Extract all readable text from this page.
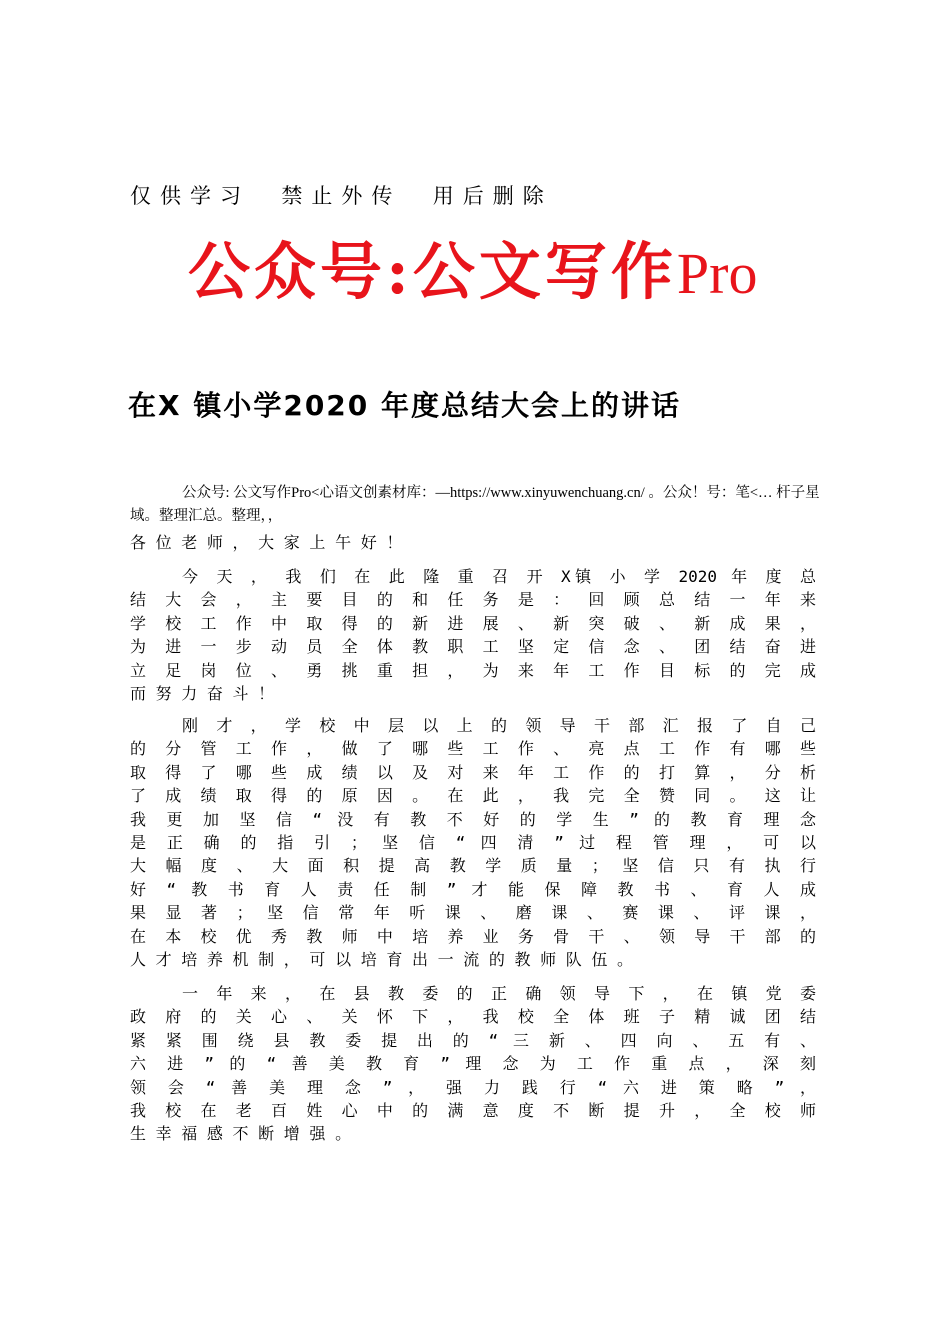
仅供学习  禁止外传  用后删除
公众号:公文写作Pro
在X 镇小学2020 年度总结大会上的讲话
公众号: 公文写作Pro<心语文创素材库：—https://www.xinyuwenchuang.cn/ 。公众！号：笔<… 杆子星域。整理汇总。整理，，
各 位 老 师 ， 大 家 上 午 好 ！
今 天 ， 我 们 在 此 隆 重 召 开 X镇 小 学 2020 年 度 总
结 大 会 ， 主 要 目 的 和 任 务 是 ： 回 顾 总 结 一 年 来
学 校 工 作 中 取 得 的 新 进 展 、 新 突 破 、 新 成 果 ，
为 进 一 步 动 员 全 体 教 职 工 坚 定 信 念 、 团 结 奋 进
立 足 岗 位 、 勇 挑 重 担 ， 为 来 年 工 作 目 标 的 完 成
而 努 力 奋 斗 ！
刚 才 ， 学 校 中 层 以 上 的 领 导 干 部 汇 报 了 自 己
的 分 管 工 作 ， 做 了 哪 些 工 作 、 亮 点 工 作 有 哪 些
取 得 了 哪 些 成 绩 以 及 对 来 年 工 作 的 打 算 ， 分 析
了 成 绩 取 得 的 原 因 。 在 此 ， 我 完 全 赞 同 。 这 让
我 更 加 坚 信 “ 没 有 教 不 好 的 学 生 ” 的 教 育 理 念
是 正 确 的 指 引 ； 坚 信 “ 四 清 ” 过 程 管 理 ， 可 以
大 幅 度 、 大 面 积 提 高 教 学 质 量 ； 坚 信 只 有 执 行
好 “ 教 书 育 人 责 任 制 ” 才 能 保 障 教 书 、 育 人 成
果 显 著 ； 坚 信 常 年 听 课 、 磨 课 、 赛 课 、 评 课 ，
在 本 校 优 秀 教 师 中 培 养 业 务 骨 干 、 领 导 干 部 的
人 才 培 养 机 制 ， 可 以 培 育 出 一 流 的 教 师 队 伍 。
一 年 来 ， 在 县 教 委 的 正 确 领 导 下 ， 在 镇 党 委
政 府 的 关 心 、 关 怀 下 ， 我 校 全 体 班 子 精 诚 团 结
紧 紧 围 绕 县 教 委 提 出 的 “ 三 新 、 四 向 、 五 有 、
六 进 ” 的 “ 善 美 教 育 ” 理 念 为 工 作 重 点 ， 深 刻
领 会 “ 善 美 理 念 ” ， 强 力 践 行 “ 六 进 策 略 ” ，
我 校 在 老 百 姓 心 中 的 满 意 度 不 断 提 升 ， 全 校 师
生 幸 福 感 不 断 增 强 。
